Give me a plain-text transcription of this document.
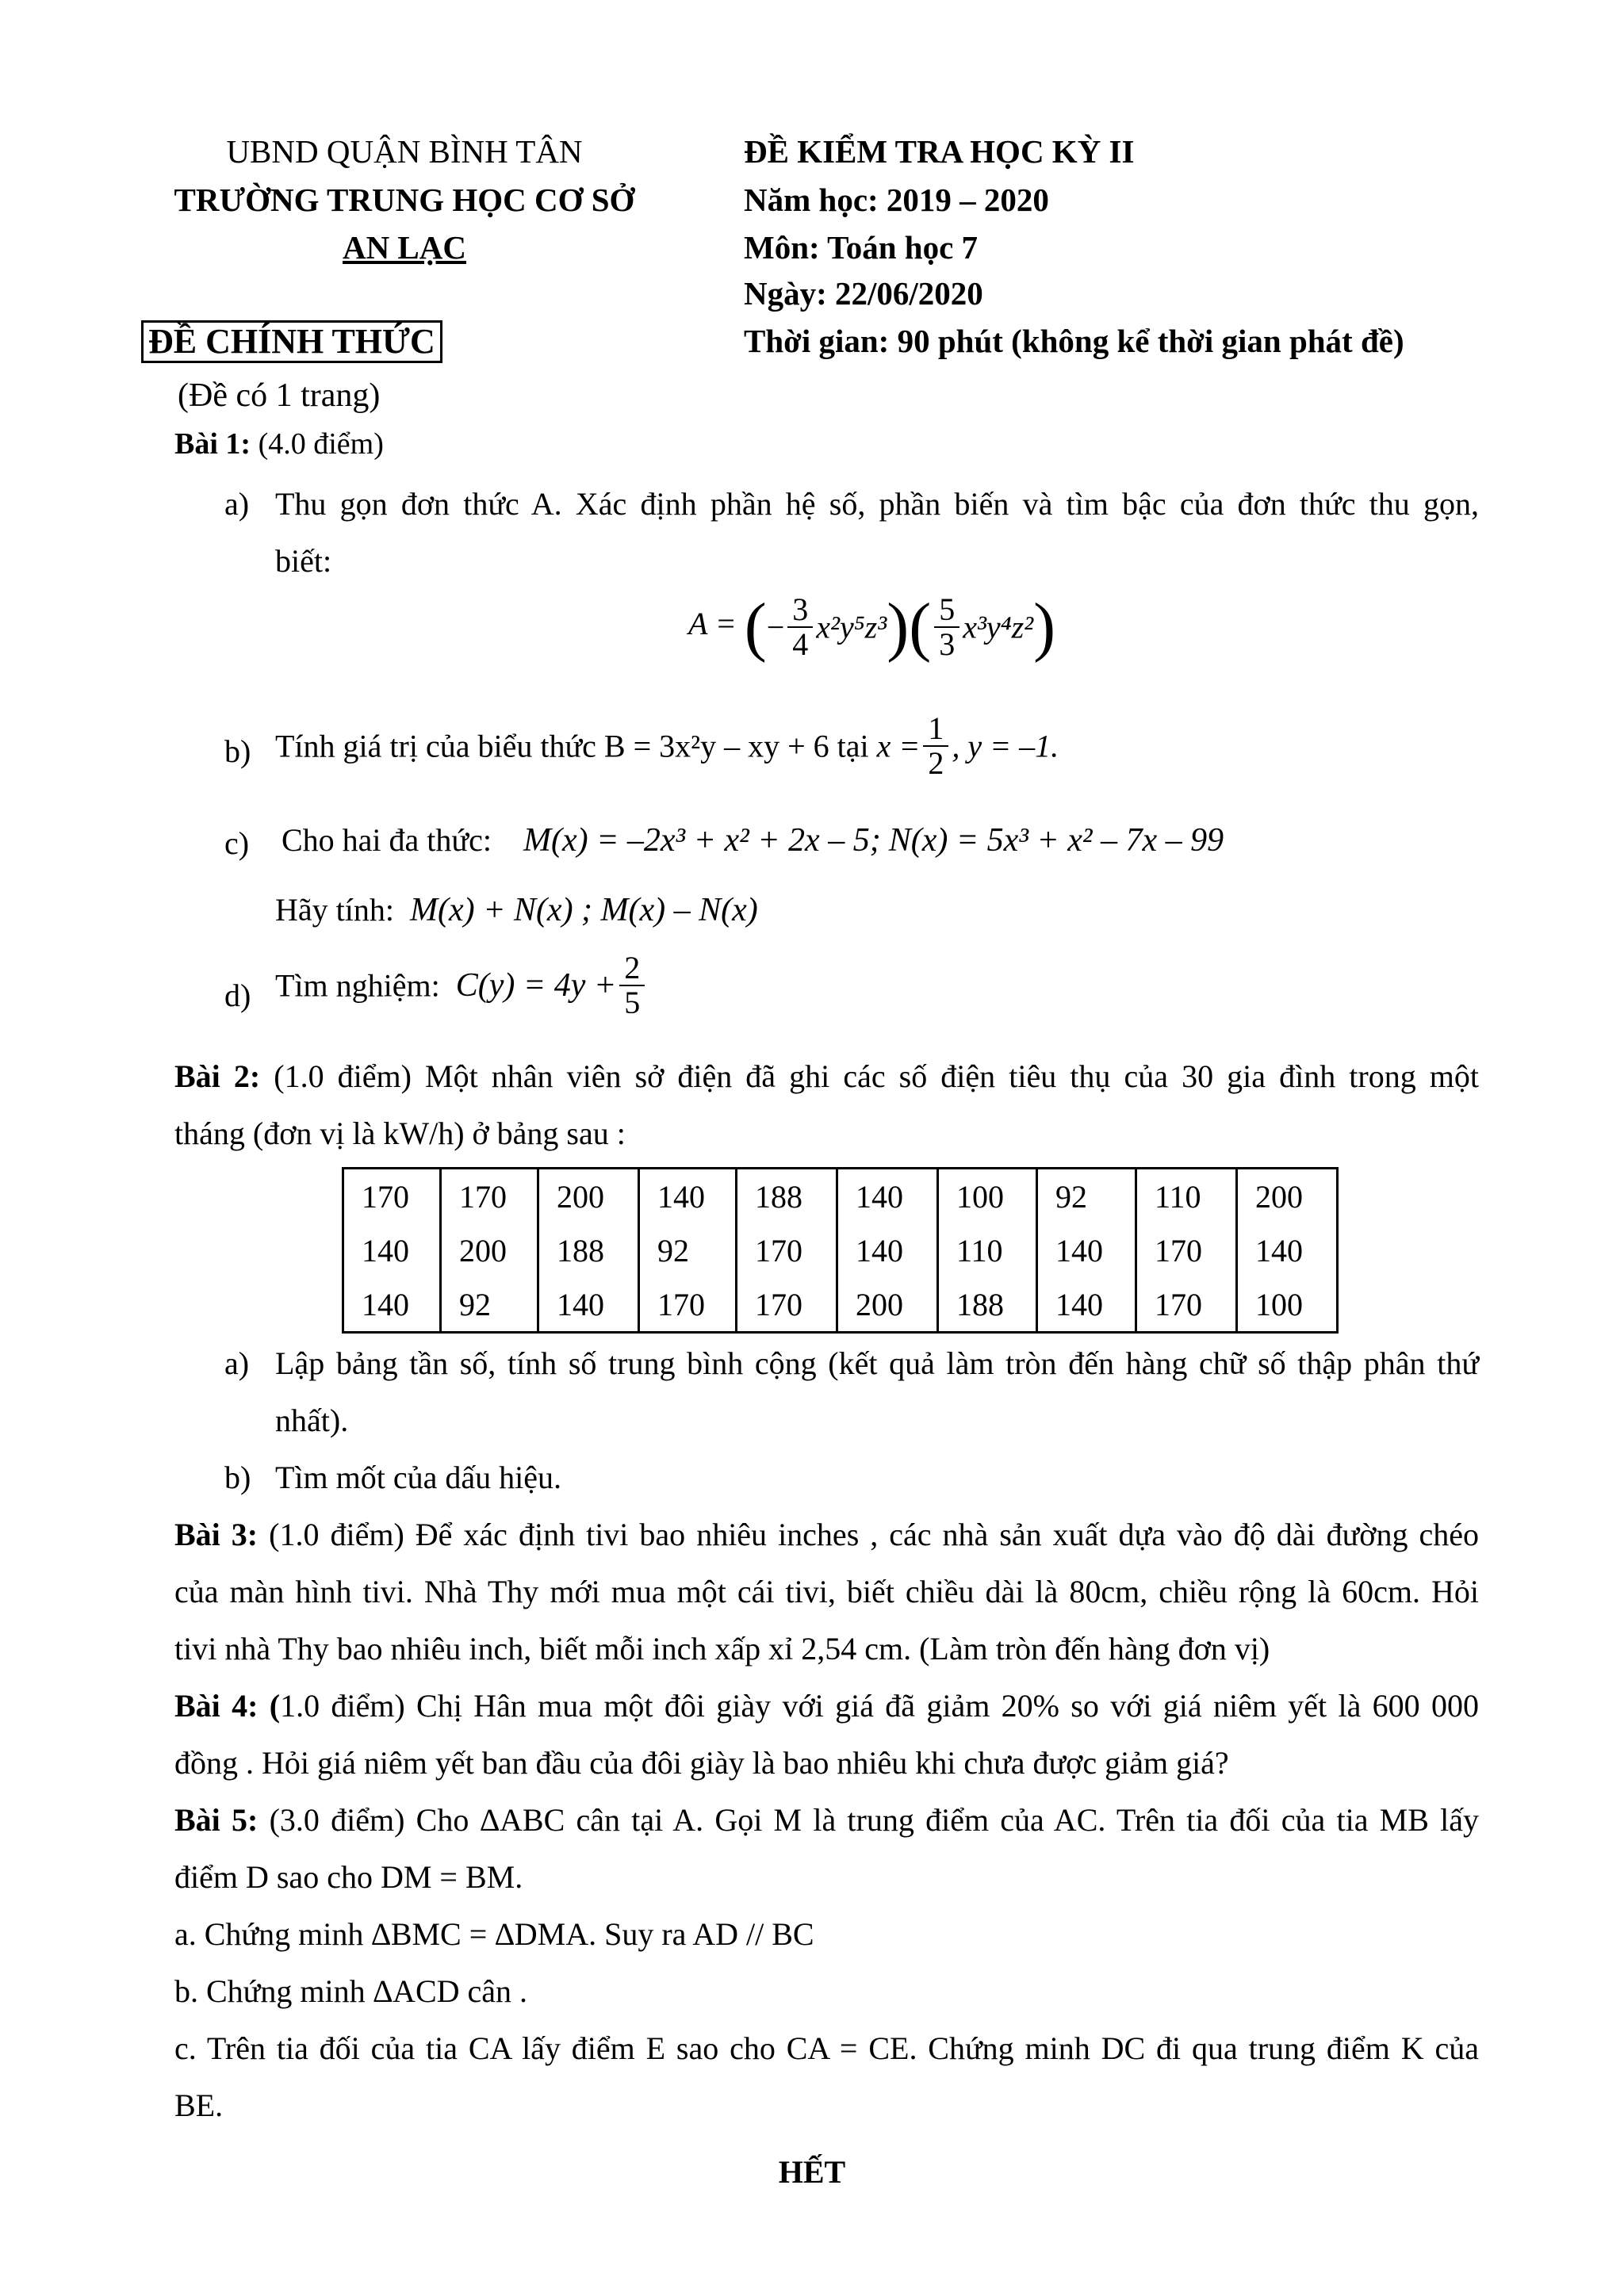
UBND QUẬN BÌNH TÂN
TRƯỜNG TRUNG HỌC CƠ SỞ
AN LẠC
ĐỀ CHÍNH THỨC
(Đề có 1 trang)
ĐỀ KIỂM TRA HỌC KỲ II
Năm học: 2019 – 2020
Môn: Toán học 7
Ngày: 22/06/2020
Thời gian: 90 phút (không kể thời gian phát đề)
Bài 1: (4.0 điểm)
a) Thu gọn đơn thức A. Xác định phần hệ số, phần biến và tìm bậc của đơn thức thu gọn,
biết:
A = (− $\frac{3}{4} x^2y^5z^3)( \frac{5}{3} x^3y^4z^2)$
b) Tính giá trị của biểu thức B = 3x²y – xy + 6 tại $x = \frac{1}{2}$ , y = –1.
c) Cho hai đa thức: M(x) = –2x³ + x² + 2x – 5; N(x) = 5x³ + x² – 7x – 99
Hãy tính: M(x) + N(x) ; M(x) – N(x)
d) Tìm nghiệm: $C(y) = 4y + \frac{2}{5}$
Bài 2: (1.0 điểm) Một nhân viên sở điện đã ghi các số điện tiêu thụ của 30 gia đình trong một
tháng (đơn vị là kW/h) ở bảng sau :
170	170	200	140	188	140	100	92	110	200
140	200	188	92	170	140	110	140	170	140
140	92	140	170	170	200	188	140	170	100
a) Lập bảng tần số, tính số trung bình cộng (kết quả làm tròn đến hàng chữ số thập phân thứ
nhất).
b) Tìm mốt của dấu hiệu.
Bài 3: (1.0 điểm) Để xác định tivi bao nhiêu inches , các nhà sản xuất dựa vào độ dài đường chéo
của màn hình tivi. Nhà Thy mới mua một cái tivi, biết chiều dài là 80cm, chiều rộng là 60cm. Hỏi
tivi nhà Thy bao nhiêu inch, biết mỗi inch xấp xỉ 2,54 cm. (Làm tròn đến hàng đơn vị)
Bài 4: (1.0 điểm) Chị Hân mua một đôi giày với giá đã giảm 20% so với giá niêm yết là 600 000
đồng . Hỏi giá niêm yết ban đầu của đôi giày là bao nhiêu khi chưa được giảm giá?
Bài 5: (3.0 điểm) Cho ∆ABC cân tại A. Gọi M là trung điểm của AC. Trên tia đối của tia MB lấy
điểm D sao cho DM = BM.
a. Chứng minh ∆BMC = ∆DMA. Suy ra AD // BC
b. Chứng minh ∆ACD cân .
c. Trên tia đối của tia CA lấy điểm E sao cho CA = CE. Chứng minh DC đi qua trung điểm K của
BE.
HẾT
